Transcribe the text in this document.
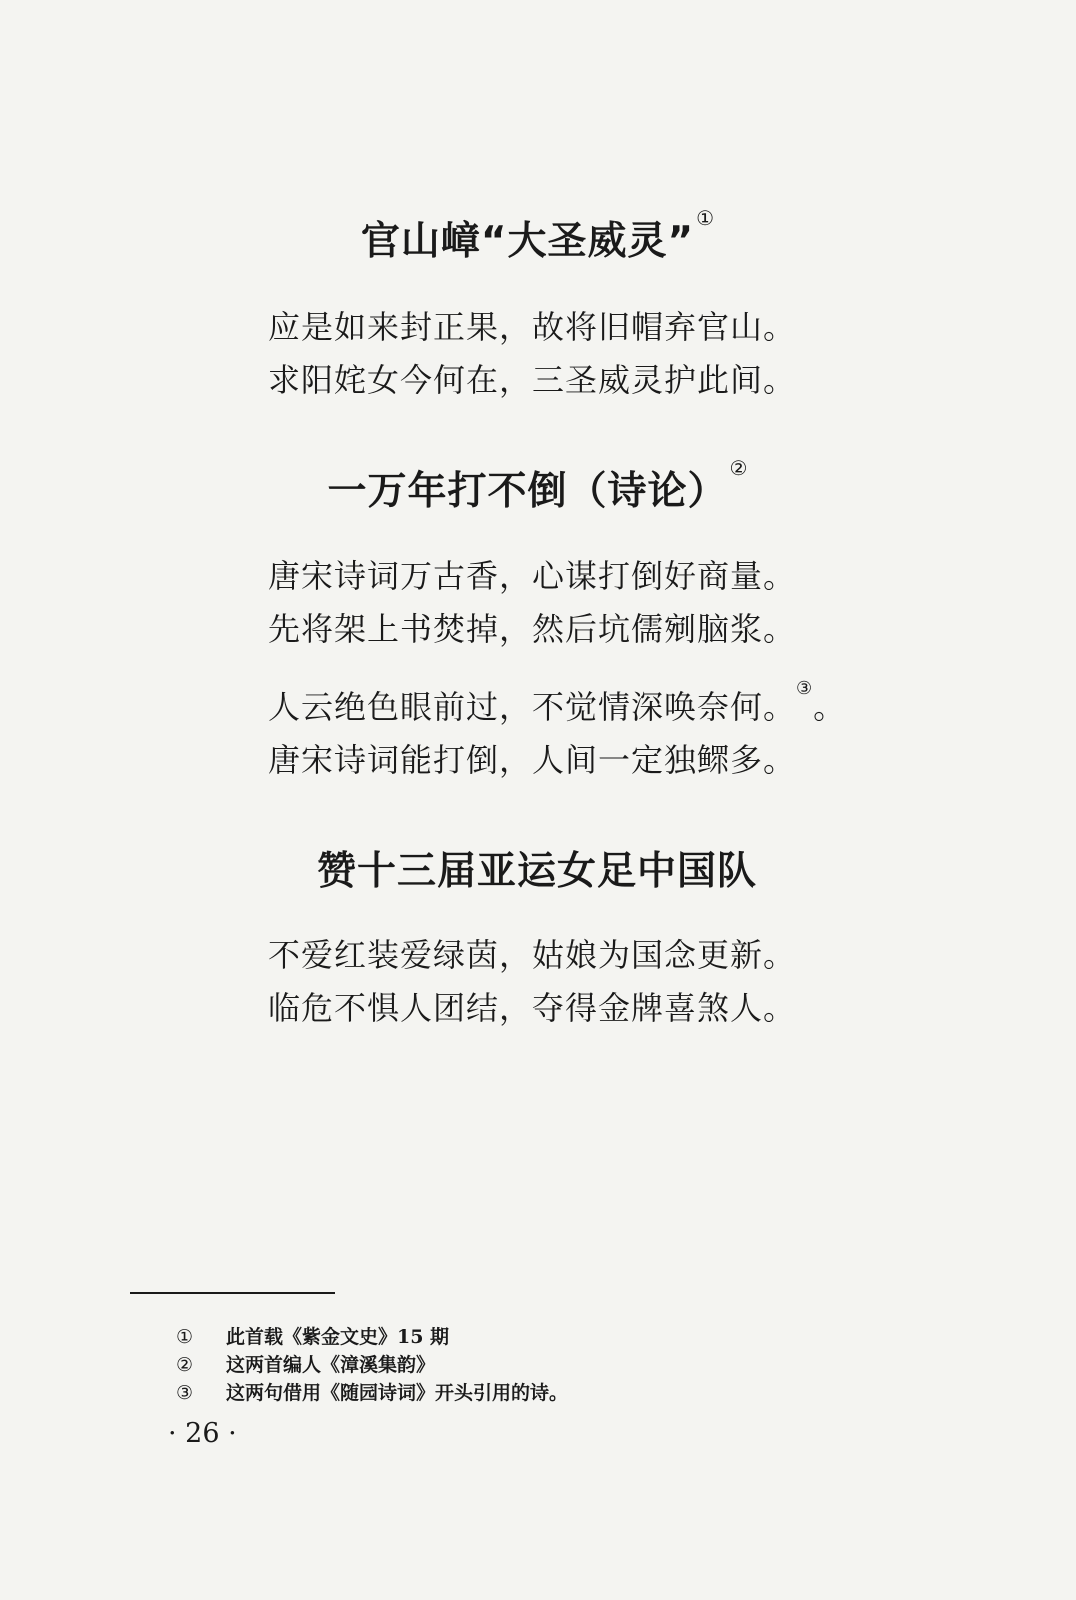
官山嶂“大圣威灵”①
应是如来封正果，故将旧帽弃官山。
求阳姹女今何在，三圣威灵护此间。
一万年打不倒（诗论）②
唐宋诗词万古香，心谋打倒好商量。
先将架上书焚掉，然后坑儒剜脑浆。
人云绝色眼前过，不觉情深唤奈何。③。
唐宋诗词能打倒，人间一定独鳏多。
赞十三届亚运女足中国队
不爱红装爱绿茵，姑娘为国念更新。
临危不惧人团结，夺得金牌喜煞人。
① 此首载《紫金文史》15 期
② 这两首编人《漳溪集韵》
③ 这两句借用《随园诗词》开头引用的诗。
· 26 ·
